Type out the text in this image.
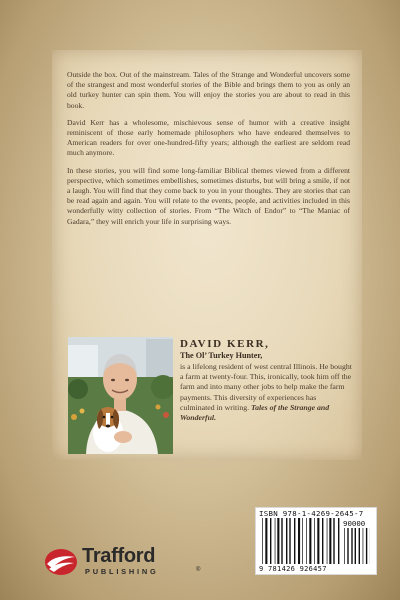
Outside the box. Out of the mainstream. Tales of the Strange and Wonderful uncovers some of the strangest and most wonderful stories of the Bible and brings them to you as only an old turkey hunter can spin them. You will enjoy the stories you are about to read in this book.

David Kerr has a wholesome, mischievous sense of humor with a creative insight reminiscent of those early homemade philosophers who have endeared themselves to American readers for over one-hundred-fifty years; although the earliest are seldom read much anymore.

In these stories, you will find some long-familiar Biblical themes viewed from a different perspective, which sometimes embellishes, sometimes disturbs, but will bring a smile, if not a laugh. You will find that they come back to you in your thoughts. They are stories that can be read again and again. You will relate to the events, people, and activities included in this wonderfully witty collection of stories. From “The Witch of Endor” to “The Maniac of Gadara,” they will enrich your life in surprising ways.

DAVID KERR,
The Ol’ Turkey Hunter,
is a lifelong resident of west central Illinois. He bought a farm at twenty-four. This, ironically, took him off the farm and into many other jobs to help make the farm payments. This diversity of experiences has culminated in writing. Tales of the Strange and Wonderful.
ISBN 978-1-4269-2645-7
90000
9 781426 926457
Trafford
PUBLISHING	®
